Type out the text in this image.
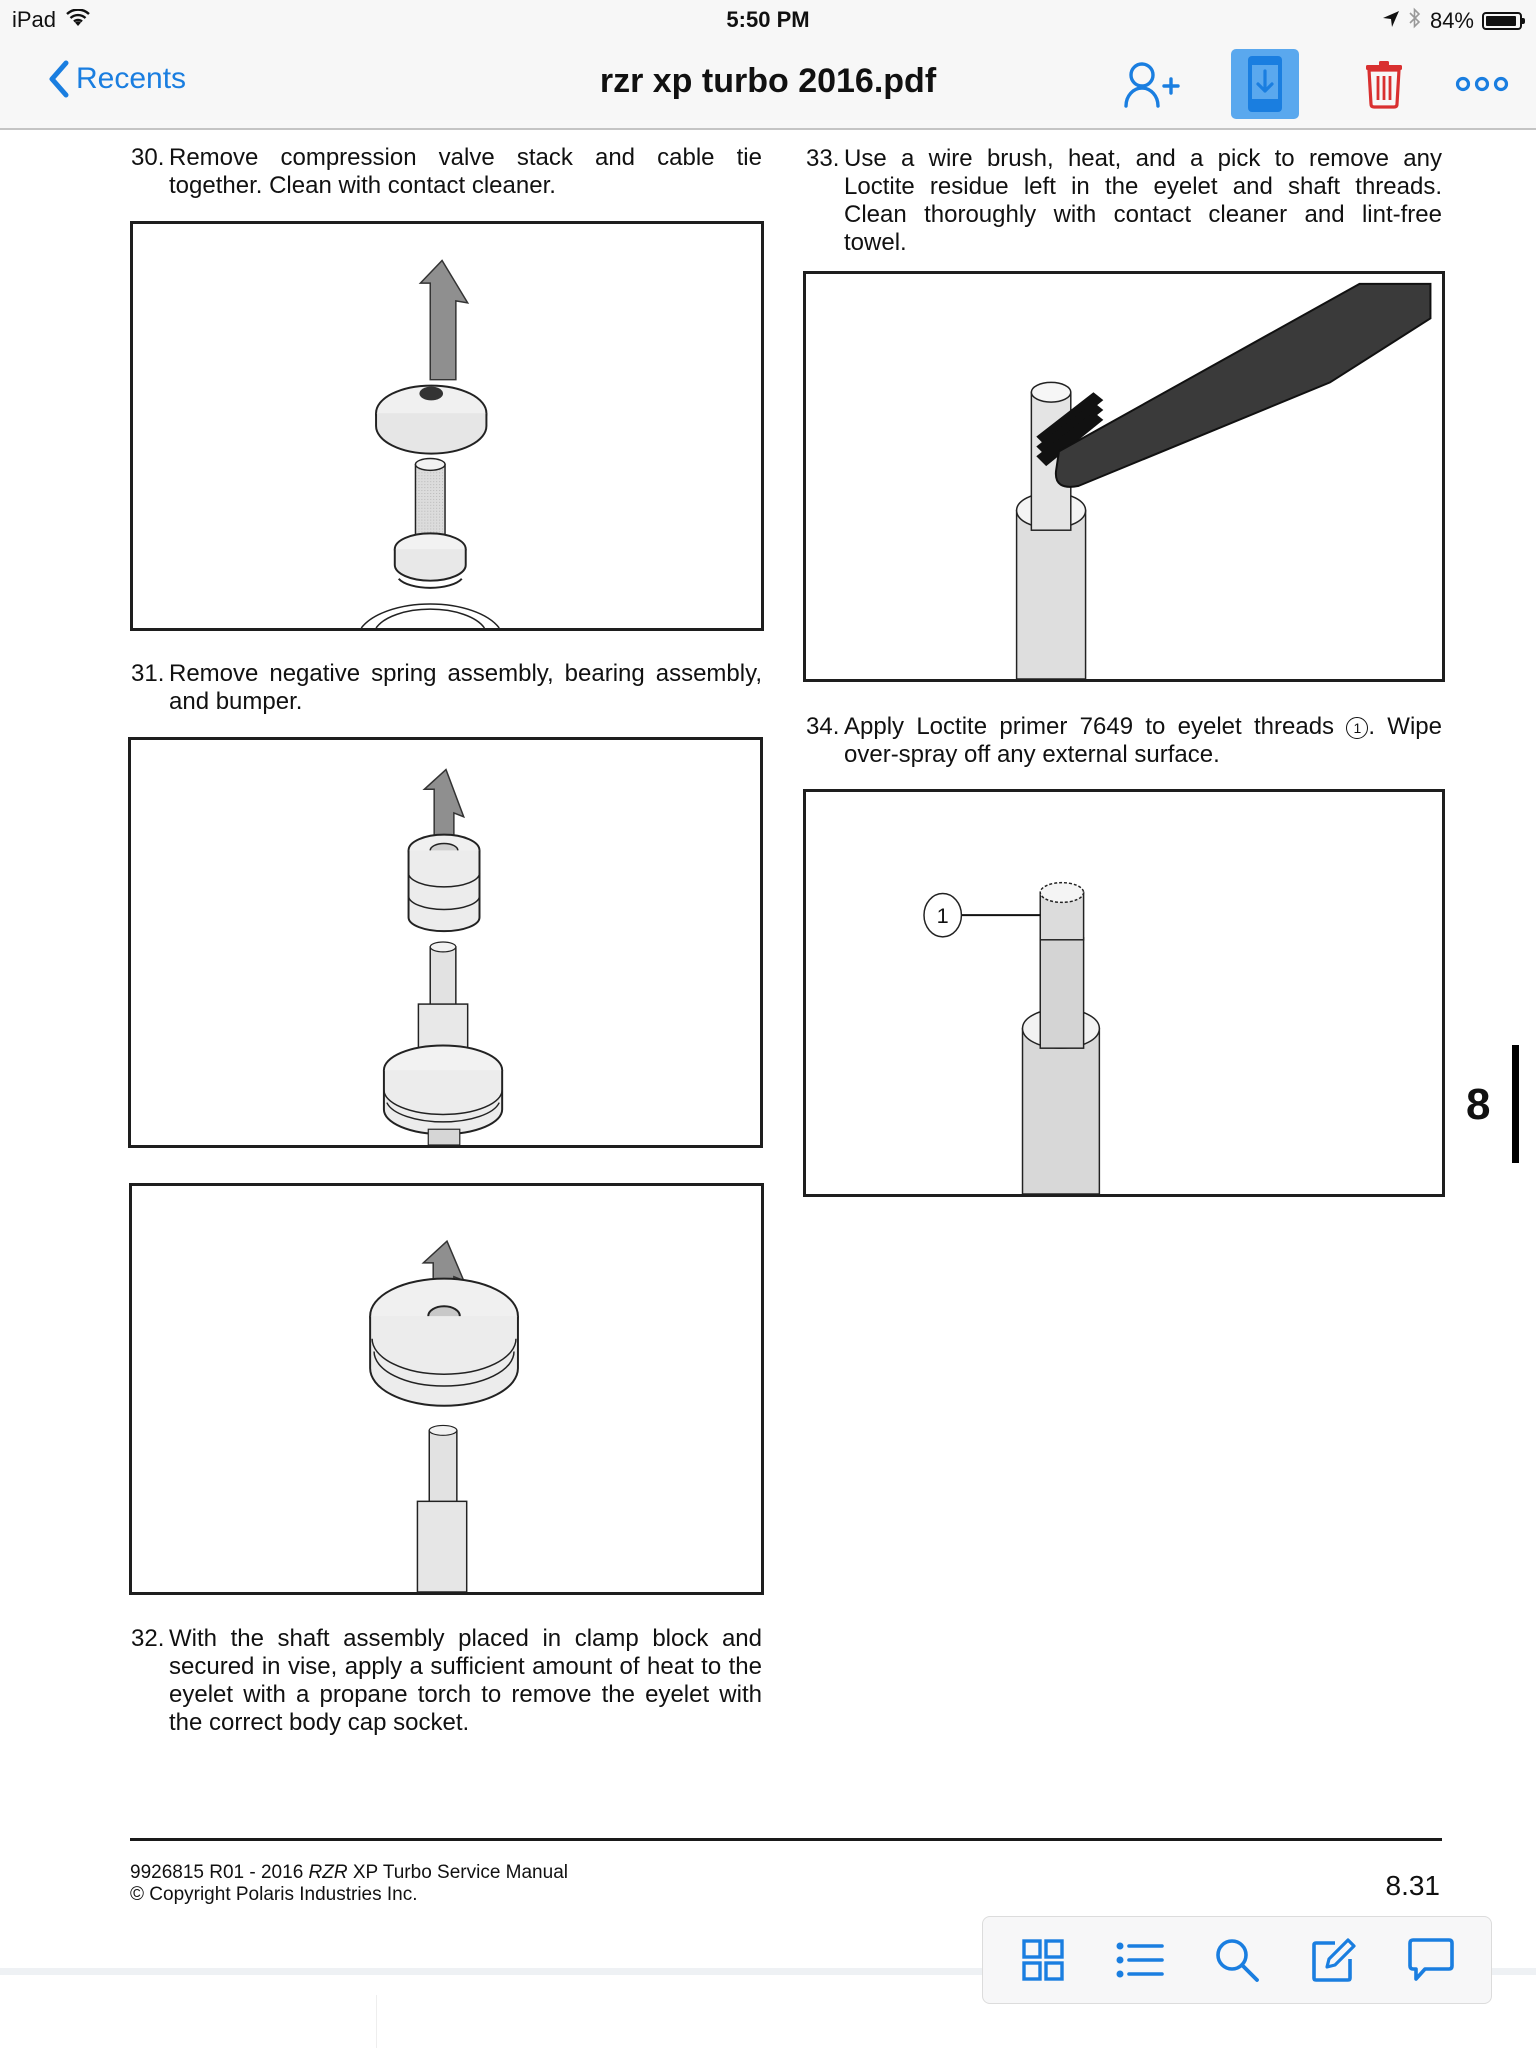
iPad	5:50 PM	84%
Recents	rzr xp turbo 2016.pdf
30. Remove compression valve stack and cable tie together. Clean with contact cleaner.
31. Remove negative spring assembly, bearing assembly, and bumper.
32. With the shaft assembly placed in clamp block and secured in vise, apply a sufficient amount of heat to the eyelet with a propane torch to remove the eyelet with the correct body cap socket.
33. Use a wire brush, heat, and a pick to remove any Loctite residue left in the eyelet and shaft threads. Clean thoroughly with contact cleaner and lint-free towel.
34. Apply Loctite primer 7649 to eyelet threads 1 . Wipe over-spray off any external surface.
1
8
9926815 R01 - 2016 RZR XP Turbo Service Manual
© Copyright Polaris Industries Inc.	8.31
